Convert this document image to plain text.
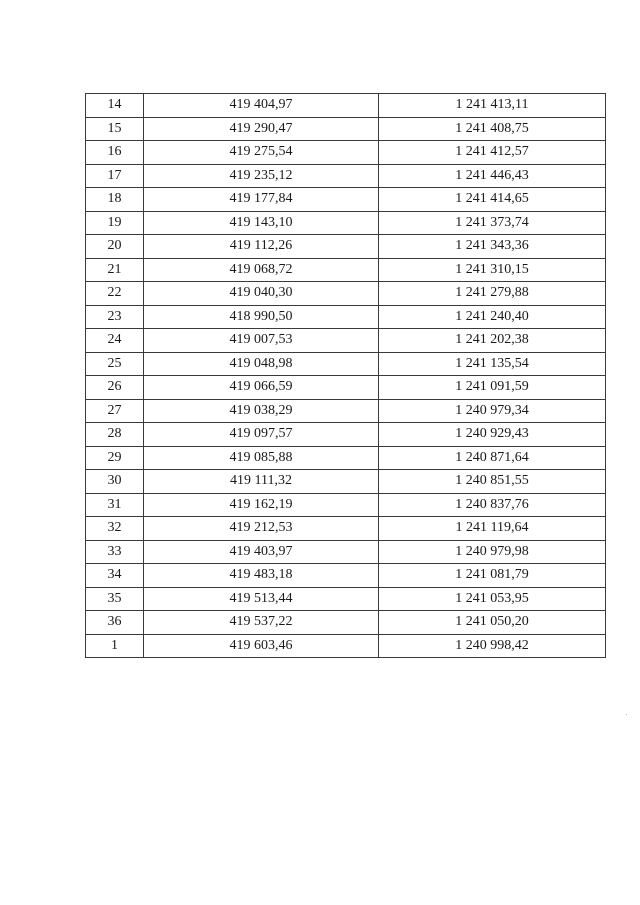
14	419 404,97	1 241 413,11
15	419 290,47	1 241 408,75
16	419 275,54	1 241 412,57
17	419 235,12	1 241 446,43
18	419 177,84	1 241 414,65
19	419 143,10	1 241 373,74
20	419 112,26	1 241 343,36
21	419 068,72	1 241 310,15
22	419 040,30	1 241 279,88
23	418 990,50	1 241 240,40
24	419 007,53	1 241 202,38
25	419 048,98	1 241 135,54
26	419 066,59	1 241 091,59
27	419 038,29	1 240 979,34
28	419 097,57	1 240 929,43
29	419 085,88	1 240 871,64
30	419 111,32	1 240 851,55
31	419 162,19	1 240 837,76
32	419 212,53	1 241 119,64
33	419 403,97	1 240 979,98
34	419 483,18	1 241 081,79
35	419 513,44	1 241 053,95
36	419 537,22	1 241 050,20
1	419 603,46	1 240 998,42
